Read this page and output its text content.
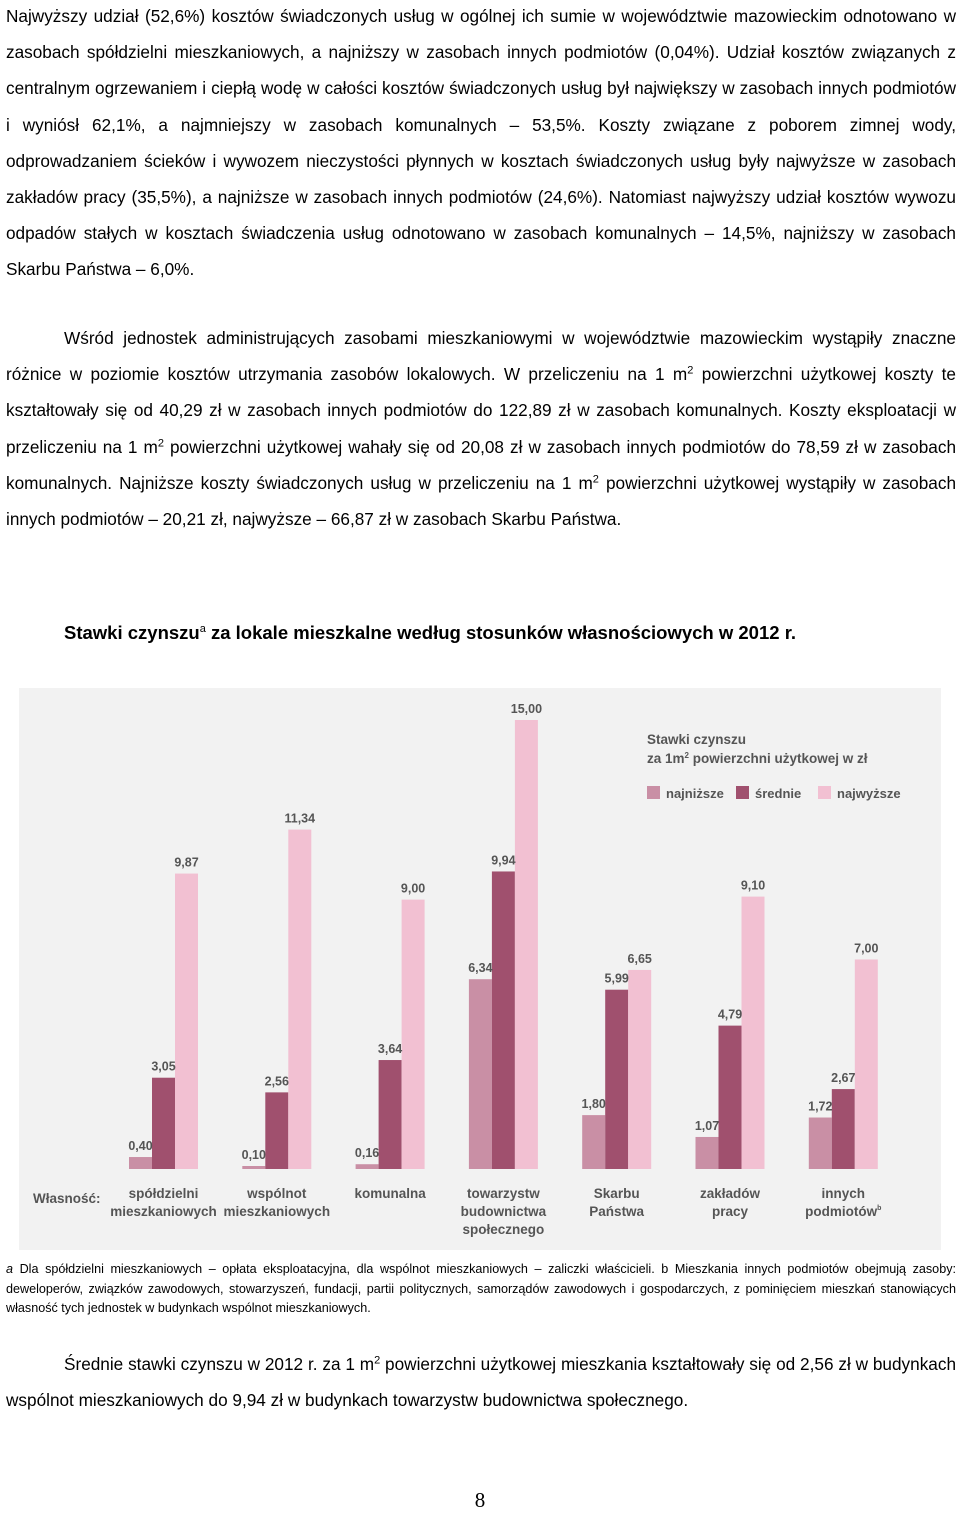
Najwyższy udział (52,6%) kosztów świadczonych usług w ogólnej ich sumie w województwie mazowieckim odnotowano w zasobach spółdzielni mieszkaniowych, a najniższy w zasobach innych podmiotów (0,04%). Udział kosztów związanych z centralnym ogrzewaniem i ciepłą wodę w całości kosztów świadczonych usług był największy w zasobach innych podmiotów i wyniósł 62,1%, a najmniejszy w zasobach komunalnych – 53,5%. Koszty związane z poborem zimnej wody, odprowadzaniem ścieków i wywozem nieczystości płynnych w kosztach świadczonych usług były najwyższe w zasobach zakładów pracy (35,5%), a najniższe w zasobach innych podmiotów (24,6%). Natomiast najwyższy udział kosztów wywozu odpadów stałych w kosztach świadczenia usług odnotowano w zasobach komunalnych – 14,5%, najniższy w zasobach Skarbu Państwa – 6,0%.

Wśród jednostek administrujących zasobami mieszkaniowymi w województwie mazowieckim wystąpiły znaczne różnice w poziomie kosztów utrzymania zasobów lokalowych. W przeliczeniu na 1 $m^2$ powierzchni użytkowej koszty te kształtowały się od 40,29 zł w zasobach innych podmiotów do 122,89 zł w zasobach komunalnych. Koszty eksploatacji w przeliczeniu na 1 $m^2$ powierzchni użytkowej wahały się od 20,08 zł w zasobach innych podmiotów do 78,59 zł w zasobach komunalnych. Najniższe koszty świadczonych usług w przeliczeniu na 1 $m^2$ powierzchni użytkowej wystąpiły w zasobach innych podmiotów – 20,21 zł, najwyższe – 66,87 zł w zasobach Skarbu Państwa.

Stawki czynszu$^a$ za lokale mieszkalne według stosunków własnościowych w 2012 r.

0,40
3,05
9,87
0,10
2,56
11,34
0,16
3,64
9,00
6,34
9,94
15,00
1,80
5,99
6,65
1,07
4,79
9,10
1,72
2,67
7,00
spółdzielni
mieszkaniowych
wspólnot
mieszkaniowych
komunalna	towarzystw
budownictwa
społecznego
Skarbu
Państwa
zakładów
pracy
innych
podmiotów$^b$
Własność:
Stawki czynszu
za $1m^2$ powierzchni użytkowej w zł
najniższe średnie	najwyższe

a Dla spółdzielni mieszkaniowych – opłata eksploatacyjna, dla wspólnot mieszkaniowych – zaliczki właścicieli. b Mieszkania innych podmiotów obejmują zasoby: deweloperów, związków zawodowych, stowarzyszeń, fundacji, partii politycznych, samorządów zawodowych i gospodarczych, z pominięciem mieszkań stanowiących własność tych jednostek w budynkach wspólnot mieszkaniowych.

Średnie stawki czynszu w 2012 r. za 1 $m^2$ powierzchni użytkowej mieszkania kształtowały się od 2,56 zł w budynkach wspólnot mieszkaniowych do 9,94 zł w budynkach towarzystw budownictwa społecznego.

8
